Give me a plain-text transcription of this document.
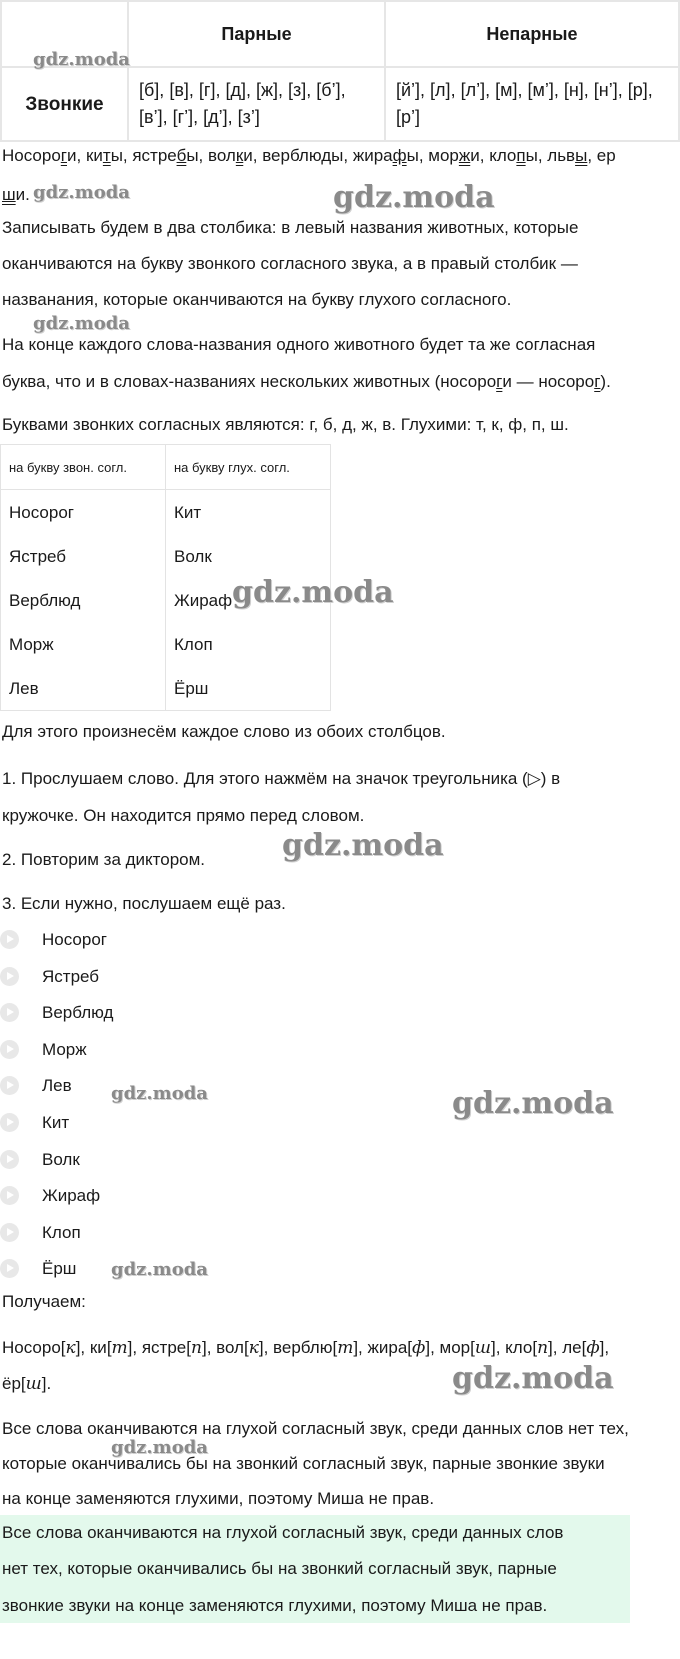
	Парные	Непарные
Звонкие	[б], [в], [г], [д], [ж], [з], [б’], [в’], [г’], [д’], [з’]	[й’], [л], [л’], [м], [м’], [н], [н’], [р], [р’]
Носороги, киты, ястребы, волки, верблюды, жирафы, моржи, клопы, львы, ер
ши.
Записывать будем в два столбика: в левый названия животных, которые
оканчиваются на букву звонкого согласного звука, а в правый столбик —
названания, которые оканчиваются на букву глухого согласного.
На конце каждого слова-названия одного животного будет та же согласная
буква, что и в словах-названиях нескольких животных (носороги — носорог).
Буквами звонких согласных являются: г, б, д, ж, в. Глухими: т, к, ф, п, ш.
на букву звон. согл.	на букву глух. согл.
Носорог	Кит
Ястреб	Волк
Верблюд	Жираф
Морж	Клоп
Лев	Ёрш
Для этого произнесём каждое слово из обоих столбцов.
1. Прослушаем слово. Для этого нажмём на значок треугольника (▷) в
кружочке. Он находится прямо перед словом.
2. Повторим за диктором.
3. Если нужно, послушаем ещё раз.
Носорог
Ястреб
Верблюд
Морж
Лев
Кит
Волк
Жираф
Клоп
Ёрш
Получаем:
Носоро[к], ки[т], ястре[п], вол[к], верблю[т], жира[ф], мор[ш], кло[п], ле[ф],
ёр[ш].
Все слова оканчиваются на глухой согласный звук, среди данных слов нет тех,
которые оканчивались бы на звонкий согласный звук, парные звонкие звуки
на конце заменяются глухими, поэтому Миша не прав.
Все слова оканчиваются на глухой согласный звук, среди данных слов
нет тех, которые оканчивались бы на звонкий согласный звук, парные
звонкие звуки на конце заменяются глухими, поэтому Миша не прав.
gdz.moda
gdz.moda	gdz.moda
gdz.moda
gdz.moda
gdz.moda
gdz.moda	gdz.moda
gdz.moda
gdz.moda
gdz.moda
